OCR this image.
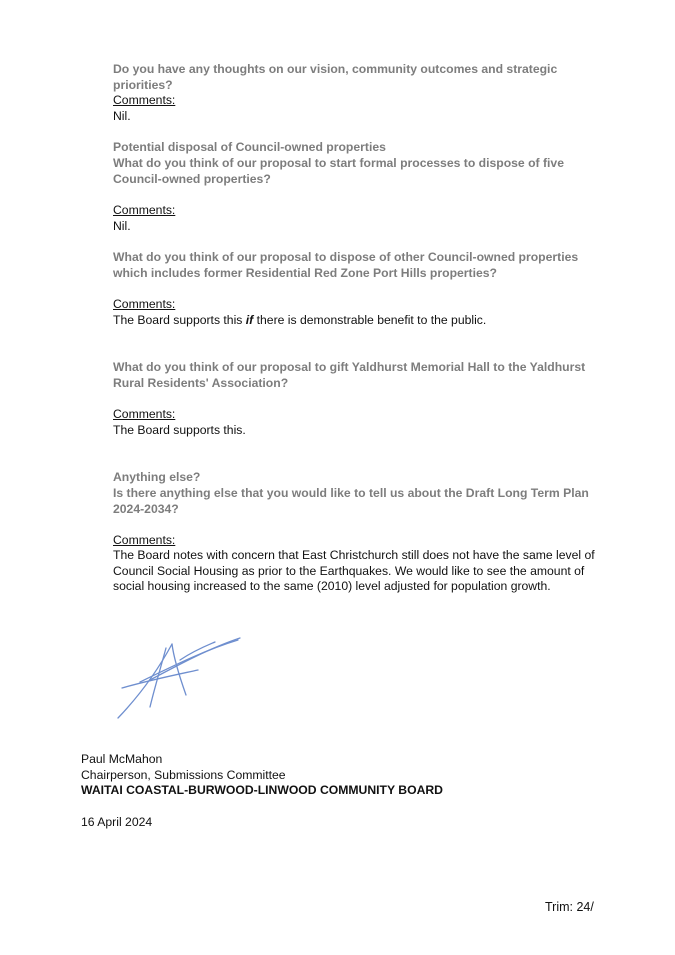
Do you have any thoughts on our vision, community outcomes and strategic priorities?
Comments:
Nil.
Potential disposal of Council-owned properties
What do you think of our proposal to start formal processes to dispose of five Council-owned properties?
Comments:
Nil.
What do you think of our proposal to dispose of other Council-owned properties which includes former Residential Red Zone Port Hills properties?
Comments:
The Board supports this if there is demonstrable benefit to the public.
What do you think of our proposal to gift Yaldhurst Memorial Hall to the Yaldhurst Rural Residents' Association?
Comments:
The Board supports this.
Anything else?
Is there anything else that you would like to tell us about the Draft Long Term Plan 2024-2034?
Comments:
The Board notes with concern that East Christchurch still does not have the same level of Council Social Housing as prior to the Earthquakes. We would like to see the amount of social housing increased to the same (2010) level adjusted for population growth.
Paul McMahon
Chairperson, Submissions Committee
WAITAI COASTAL-BURWOOD-LINWOOD COMMUNITY BOARD
16 April 2024
Trim: 24/
